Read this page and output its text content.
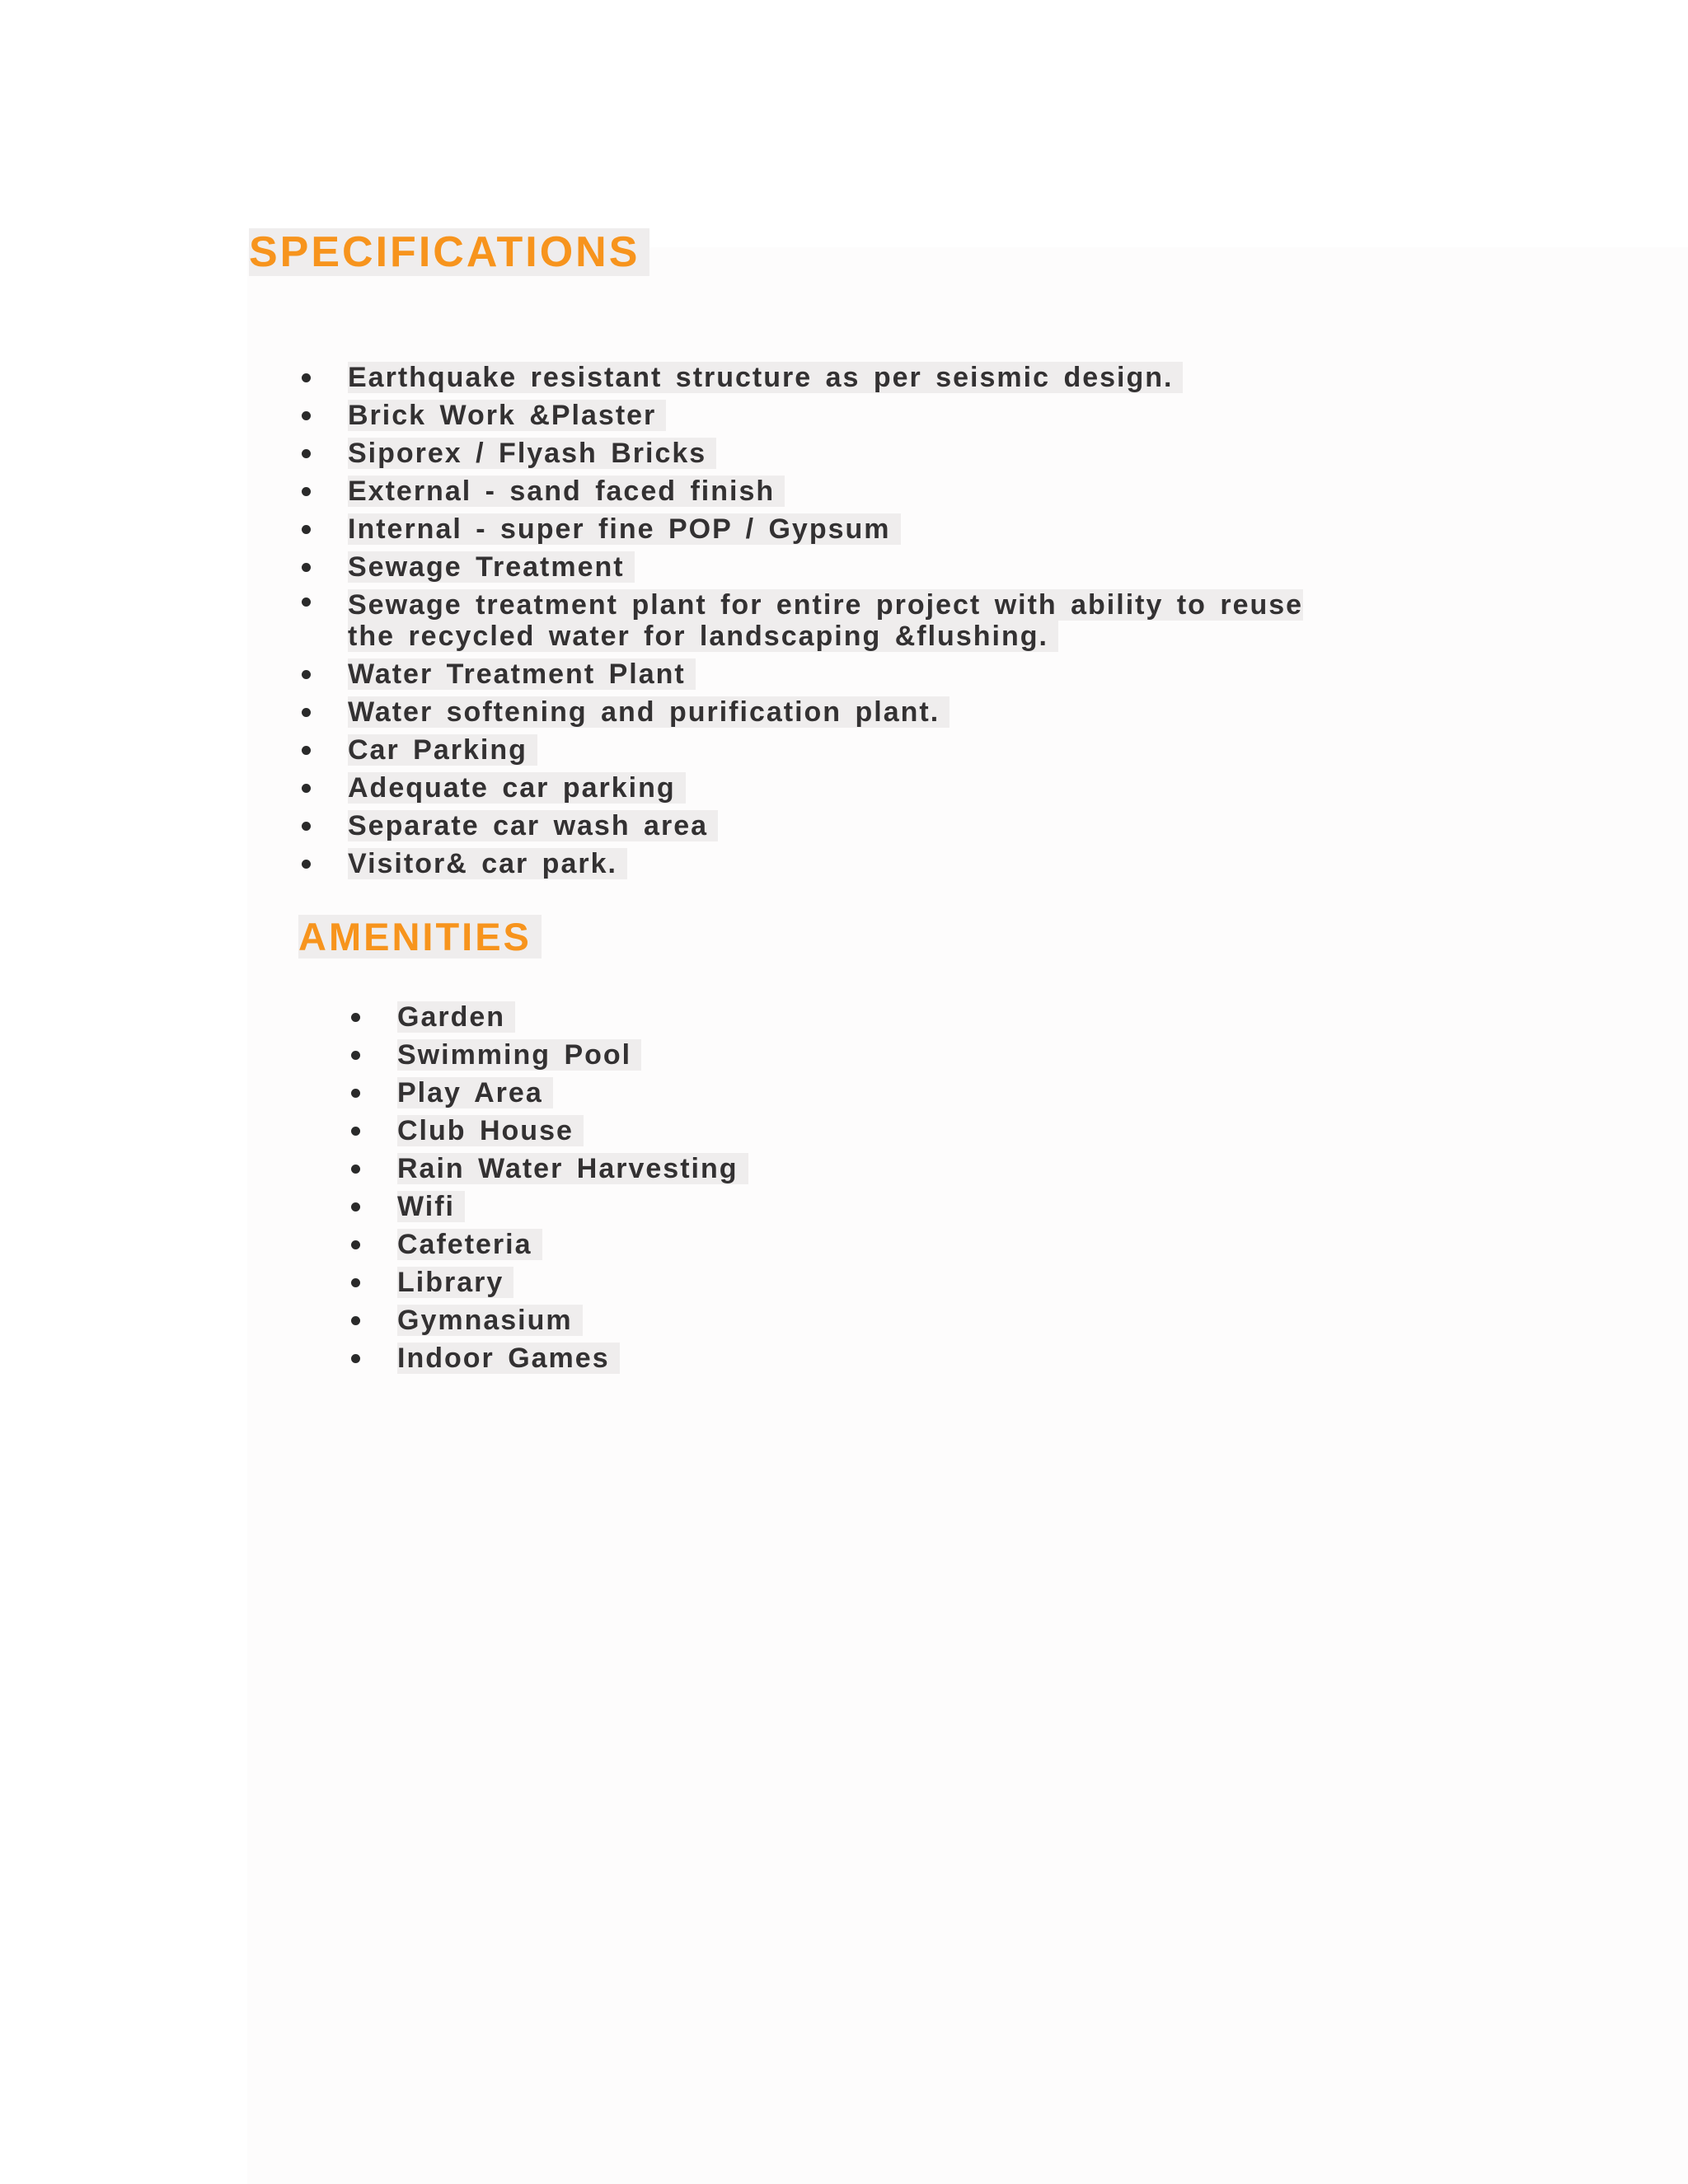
SPECIFICATIONS
Earthquake resistant structure as per seismic design.
Brick Work &Plaster
Siporex / Flyash Bricks
External - sand faced finish
Internal - super fine POP / Gypsum
Sewage Treatment
Sewage treatment plant for entire project with ability to reuse the recycled water for landscaping &flushing.
Water Treatment Plant
Water softening and purification plant.
Car Parking
Adequate car parking
Separate car wash area
Visitor& car park.
AMENITIES
Garden
Swimming Pool
Play Area
Club House
Rain Water Harvesting
Wifi
Cafeteria
Library
Gymnasium
Indoor Games
